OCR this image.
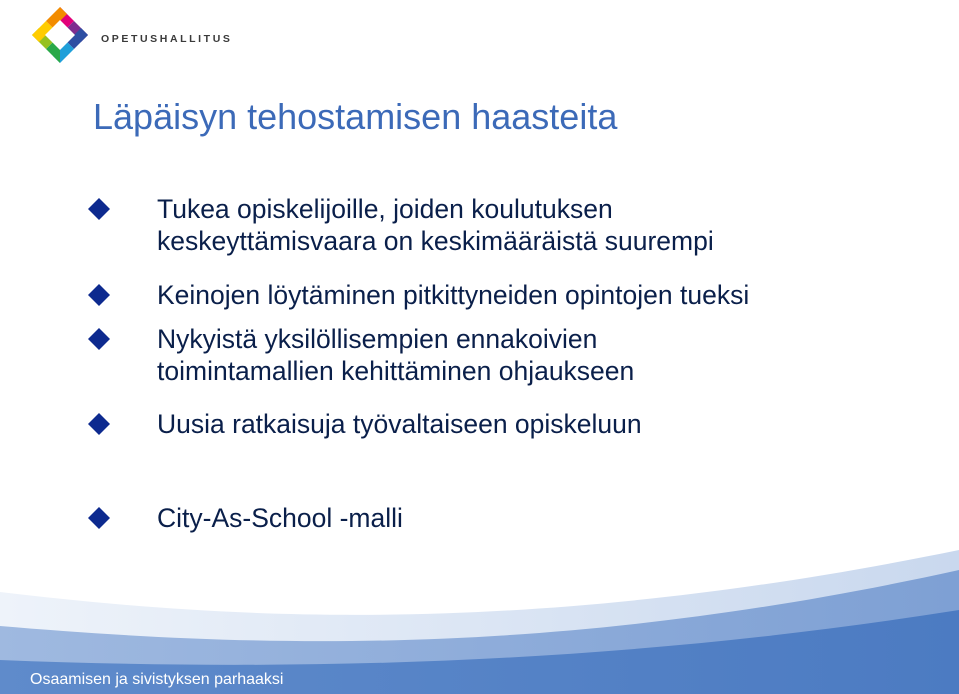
OPETUSHALLITUS
Läpäisyn tehostamisen haasteita
Tukea opiskelijoille, joiden koulutuksen
keskeyttämisvaara on keskimääräistä suurempi
Keinojen löytäminen pitkittyneiden opintojen tueksi
Nykyistä yksilöllisempien ennakoivien
toimintamallien kehittäminen ohjaukseen
Uusia ratkaisuja työvaltaiseen opiskeluun
City-As-School -malli
Osaamisen ja sivistyksen parhaaksi
